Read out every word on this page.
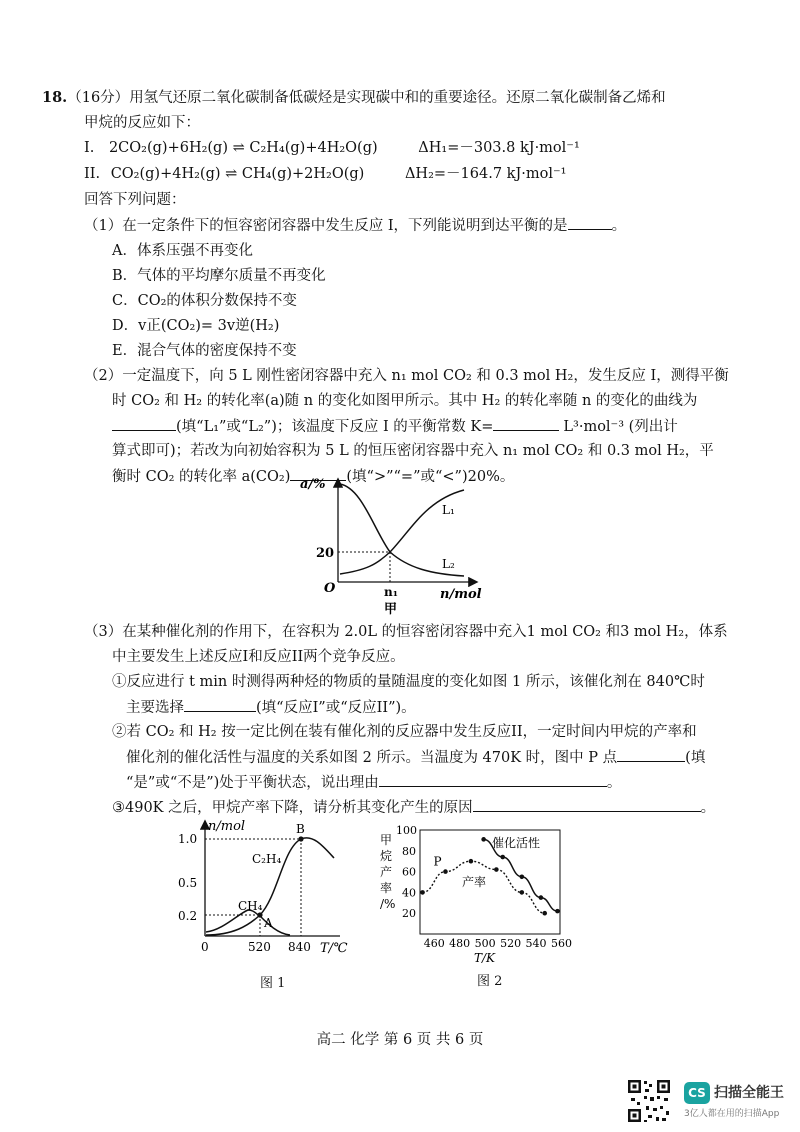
18.（16分）用氢气还原二氧化碳制备低碳烃是实现碳中和的重要途径。还原二氧化碳制备乙烯和
甲烷的反应如下：
I. 2CO₂(g)+6H₂(g) ⇌ C₂H₄(g)+4H₂O(g)	ΔH₁=－303.8 kJ·mol⁻¹
II. CO₂(g)+4H₂(g) ⇌ CH₄(g)+2H₂O(g)	ΔH₂=－164.7 kJ·mol⁻¹
回答下列问题：
（1）在一定条件下的恒容密闭容器中发生反应 I，下列能说明到达平衡的是	。
A．体系压强不再变化
B．气体的平均摩尔质量不再变化
C．CO₂的体积分数保持不变
D．v正(CO₂)= 3v逆(H₂)
E．混合气体的密度保持不变
（2）一定温度下，向 5 L 刚性密闭容器中充入 n₁ mol CO₂ 和 0.3 mol H₂，发生反应 I，测得平衡
时 CO₂ 和 H₂ 的转化率(a)随 n 的变化如图甲所示。其中 H₂ 的转化率随 n 的变化的曲线为
(填“L₁”或“L₂”)；该温度下反应 I 的平衡常数 K=	L³·mol⁻³ (列出计
算式即可)；若改为向初始容积为 5 L 的恒压密闭容器中充入 n₁ mol CO₂ 和 0.3 mol H₂，平
衡时 CO₂ 的转化率 a(CO₂)	(填“>”“=”或“<”)20%。
a/%
n/mol
O
20
n₁
L₁
L₂
甲
（3）在某种催化剂的作用下，在容积为 2.0L 的恒容密闭容器中充入1 mol CO₂ 和3 mol H₂，体系
中主要发生上述反应I和反应II两个竞争反应。
①反应进行 t min 时测得两种烃的物质的量随温度的变化如图 1 所示，该催化剂在 840℃时
主要选择	(填“反应I”或“反应II”)。
②若 CO₂ 和 H₂ 按一定比例在装有催化剂的反应器中发生反应II，一定时间内甲烷的产率和
催化剂的催化活性与温度的关系如图 2 所示。当温度为 470K 时，图中 P 点	(填
“是”或“不是”)处于平衡状态，说出理由	。
③490K 之后，甲烷产率下降，请分析其变化产生的原因	。
n/mol
T/℃
0	520 840
0.2
0.5
1.0
A
B
C₂H₄
CH₄
图 1
甲
烷
产
率
/%
460 480 500 520 540 560
20
40
60
80
100
P
催化活性
产率
T/K
图 2
高二 化学 第 6 页 共 6 页
CS 扫描全能王
3亿人都在用的扫描App
